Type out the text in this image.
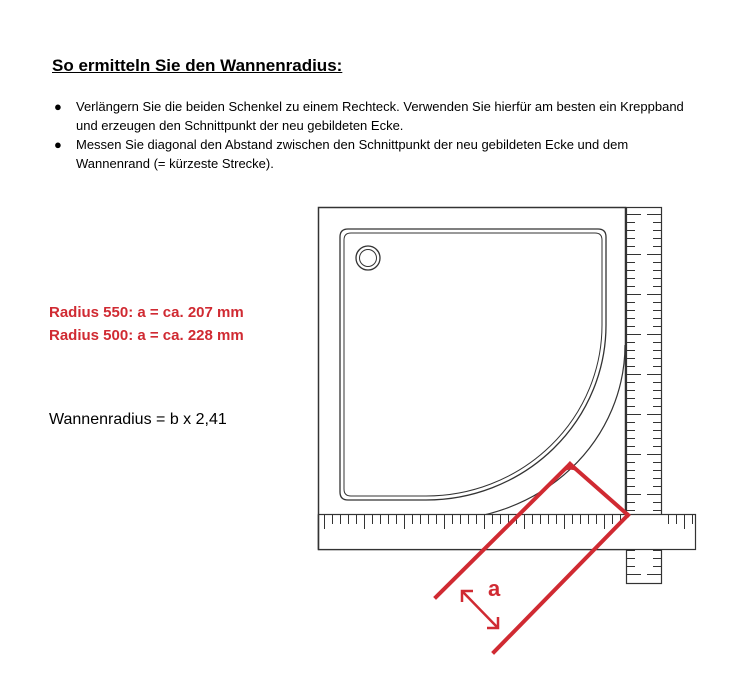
So ermitteln Sie den Wannenradius:
● Verlängern Sie die beiden Schenkel zu einem Rechteck. Verwenden Sie hierfür am besten ein Kreppband und erzeugen den Schnittpunkt der neu gebildeten Ecke.
● Messen Sie diagonal den Abstand zwischen den Schnittpunkt der neu gebildeten Ecke und dem Wannenrand (= kürzeste Strecke).

Radius 550: a = ca. 207 mm

Radius 500: a = ca. 228 mm

Wannenradius = b x 2,41

a
